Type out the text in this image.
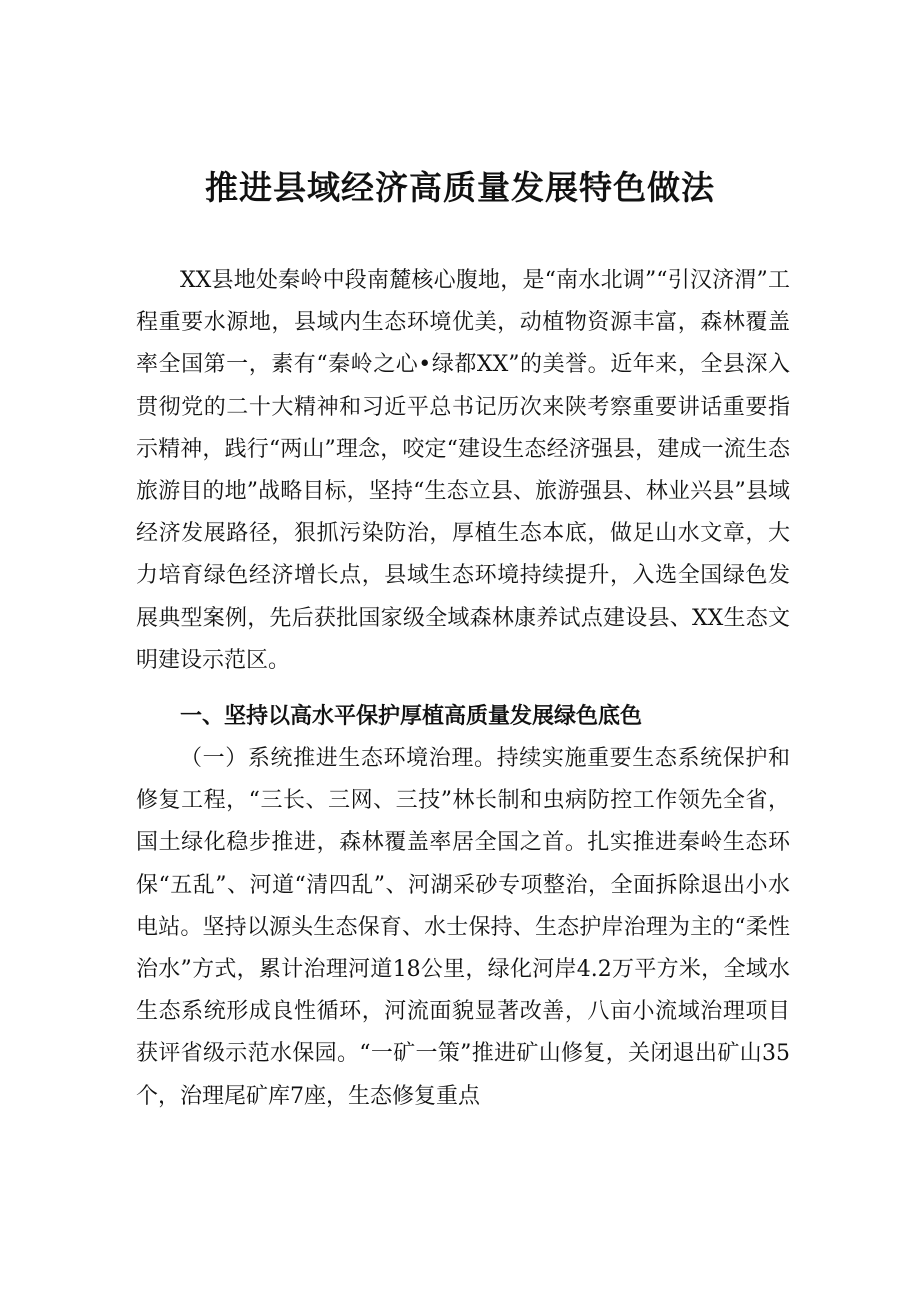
推进县域经济高质量发展特色做法

XX县地处秦岭中段南麓核心腹地，是“南水北调”“引汉济渭”工程重要水源地，县域内生态环境优美，动植物资源丰富，森林覆盖率全国第一，素有“秦岭之心•绿都XX”的美誉。近年来，全县深入贯彻党的二十大精神和习近平总书记历次来陕考察重要讲话重要指示精神，践行“两山”理念，咬定“建设生态经济强县，建成一流生态旅游目的地”战略目标，坚持“生态立县、旅游强县、林业兴县”县域经济发展路径，狠抓污染防治，厚植生态本底，做足山水文章，大力培育绿色经济增长点，县域生态环境持续提升，入选全国绿色发展典型案例，先后获批国家级全域森林康养试点建设县、XX生态文明建设示范区。

一、坚持以高水平保护厚植高质量发展绿色底色

（一）系统推进生态环境治理。持续实施重要生态系统保护和修复工程，“三长、三网、三技”林长制和虫病防控工作领先全省，国土绿化稳步推进，森林覆盖率居全国之首。扎实推进秦岭生态环保“五乱”、河道“清四乱”、河湖采砂专项整治，全面拆除退出小水电站。坚持以源头生态保育、水士保持、生态护岸治理为主的“柔性治水”方式，累计治理河道18公里，绿化河岸4.2万平方米，全域水生态系统形成良性循环，河流面貌显著改善，八亩小流域治理项目获评省级示范水保园。“一矿一策”推进矿山修复，关闭退出矿山35个，治理尾矿库7座，生态修复重点
